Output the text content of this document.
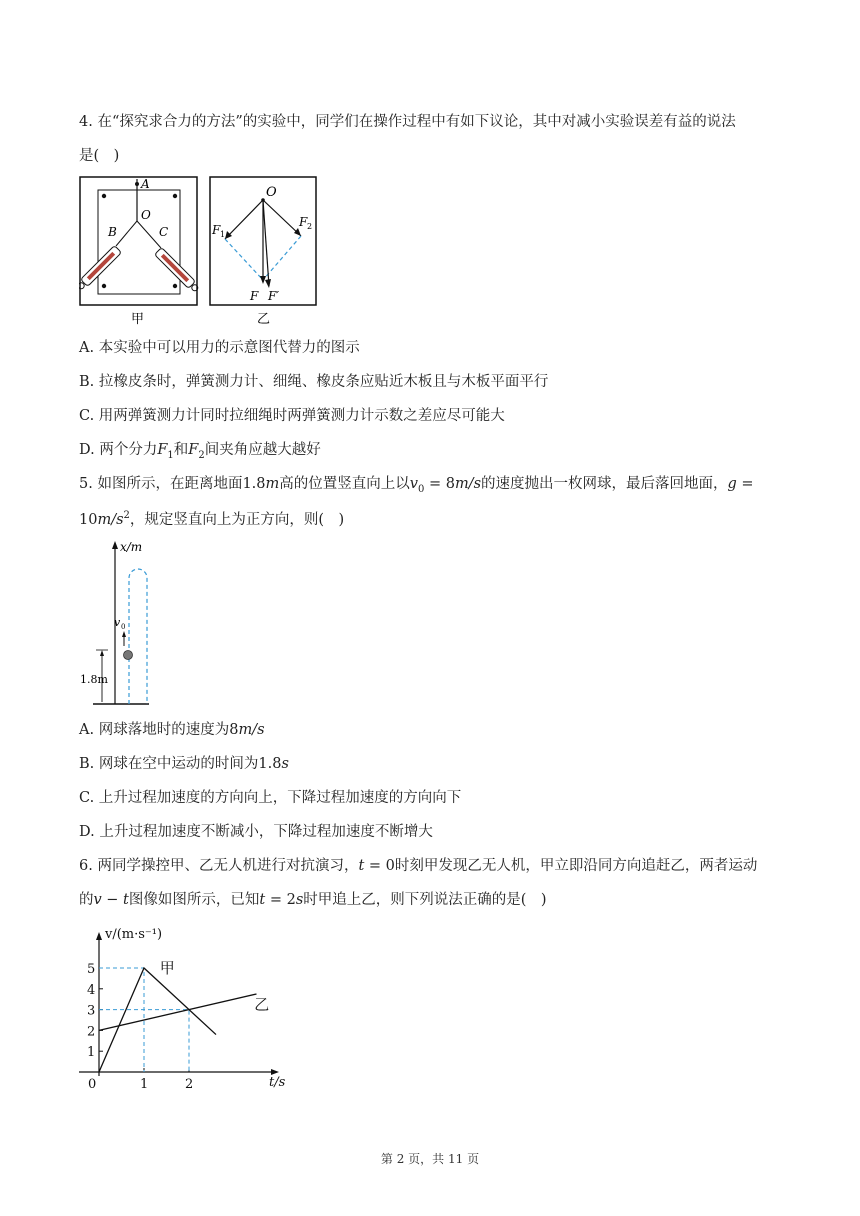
4. 在“探究求合力的方法”的实验中，同学们在操作过程中有如下议论，其中对减小实验误差有益的说法
是(　)
A
O
B	C
甲
O
F 1
F 2
F F′
乙
A. 本实验中可以用力的示意图代替力的图示
B. 拉橡皮条时，弹簧测力计、细绳、橡皮条应贴近木板且与木板平面平行
C. 用两弹簧测力计同时拉细绳时两弹簧测力计示数之差应尽可能大
D. 两个分力$F_1$和$F_2$间夹角应越大越好
5. 如图所示，在距离地面1.8m高的位置竖直向上以$v_0 = 8m/s$的速度抛出一枚网球，最后落回地面，g =
$10m/s^2$，规定竖直向上为正方向，则(　)
x/m
v 0
1.8m
A. 网球落地时的速度为8m/s
B. 网球在空中运动的时间为1.8s
C. 上升过程加速度的方向向上，下降过程加速度的方向向下
D. 上升过程加速度不断减小，下降过程加速度不断增大
6. 两同学操控甲、乙无人机进行对抗演习，t = 0时刻甲发现乙无人机，甲立即沿同方向追赶乙，两者运动
的v − t图像如图所示，已知t = 2s时甲追上乙，则下列说法正确的是(　)
1
2
3
4
5
0	1	2
甲
乙
v/(m·s⁻¹)
t/s
第 2 页，共 11 页
